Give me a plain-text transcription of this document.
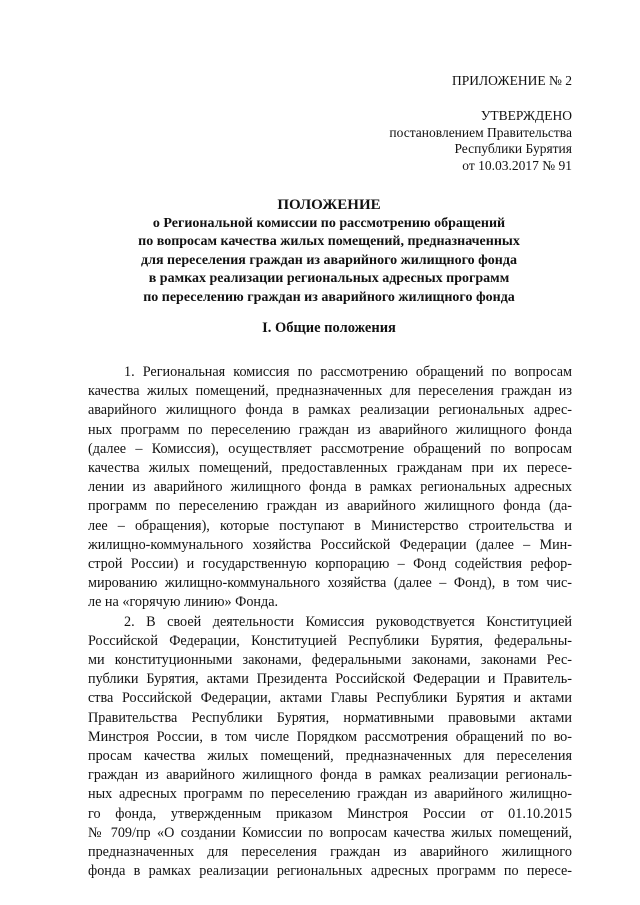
ПРИЛОЖЕНИЕ № 2
УТВЕРЖДЕНО
постановлением Правительства
Республики Бурятия
от 10.03.2017 № 91
ПОЛОЖЕНИЕ
о Региональной комиссии по рассмотрению обращений
по вопросам качества жилых помещений, предназначенных
для переселения граждан из аварийного жилищного фонда
в рамках реализации региональных адресных программ
по переселению граждан из аварийного жилищного фонда
I. Общие положения
1. Региональная комиссия по рассмотрению обращений по вопросам
качества жилых помещений, предназначенных для переселения граждан из
аварийного жилищного фонда в рамках реализации региональных адрес-
ных программ по переселению граждан из аварийного жилищного фонда
(далее – Комиссия), осуществляет рассмотрение обращений по вопросам
качества жилых помещений, предоставленных гражданам при их пересе-
лении из аварийного жилищного фонда в рамках региональных адресных
программ по переселению граждан из аварийного жилищного фонда (да-
лее – обращения), которые поступают в Министерство строительства и
жилищно-коммунального хозяйства Российской Федерации (далее – Мин-
строй России) и государственную корпорацию – Фонд содействия рефор-
мированию жилищно-коммунального хозяйства (далее – Фонд), в том чис-
ле на «горячую линию» Фонда.
2. В своей деятельности Комиссия руководствуется Конституцией
Российской Федерации, Конституцией Республики Бурятия, федеральны-
ми конституционными законами, федеральными законами, законами Рес-
публики Бурятия, актами Президента Российской Федерации и Правитель-
ства Российской Федерации, актами Главы Республики Бурятия и актами
Правительства Республики Бурятия, нормативными правовыми актами
Минстроя России, в том числе Порядком рассмотрения обращений по во-
просам качества жилых помещений, предназначенных для переселения
граждан из аварийного жилищного фонда в рамках реализации региональ-
ных адресных программ по переселению граждан из аварийного жилищно-
го фонда, утвержденным приказом Минстроя России от 01.10.2015
№ 709/пр «О создании Комиссии по вопросам качества жилых помещений,
предназначенных для переселения граждан из аварийного жилищного
фонда в рамках реализации региональных адресных программ по пересе-
